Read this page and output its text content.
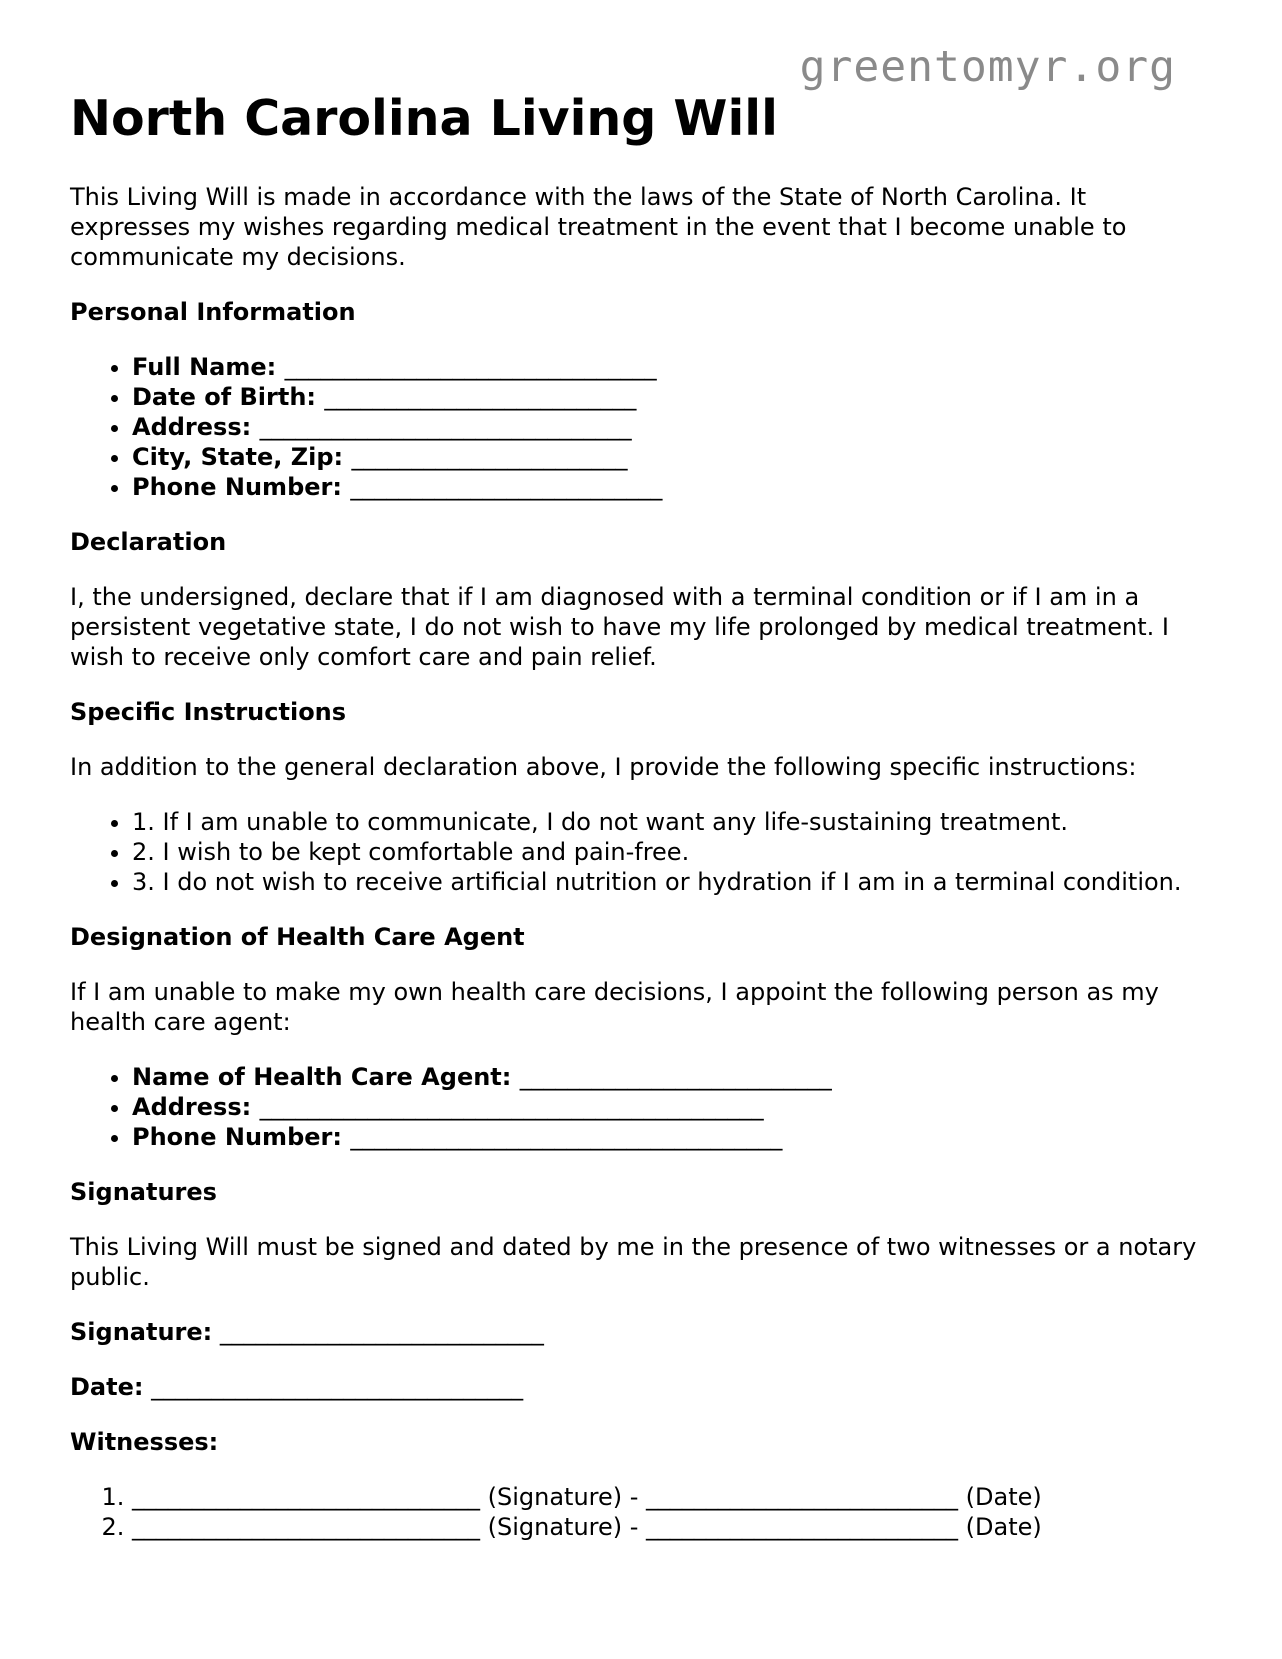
greentomyr.org
North Carolina Living Will

This Living Will is made in accordance with the laws of the State of North Carolina. It expresses my wishes regarding medical treatment in the event that I become unable to communicate my decisions.

Personal Information
• Full Name: _______________________________
• Date of Birth: __________________________
• Address: _______________________________
• City, State, Zip: _______________________
• Phone Number: __________________________
Declaration

I, the undersigned, declare that if I am diagnosed with a terminal condition or if I am in a persistent vegetative state, I do not wish to have my life prolonged by medical treatment. I wish to receive only comfort care and pain relief.

Specific Instructions

In addition to the general declaration above, I provide the following specific instructions:

• 1. If I am unable to communicate, I do not want any life-sustaining treatment.
• 2. I wish to be kept comfortable and pain-free.
• 3. I do not wish to receive artificial nutrition or hydration if I am in a terminal condition.
Designation of Health Care Agent

If I am unable to make my own health care decisions, I appoint the following person as my health care agent:

• Name of Health Care Agent: __________________________
• Address: __________________________________________
• Phone Number: ____________________________________
Signatures

This Living Will must be signed and dated by me in the presence of two witnesses or a notary public.

Signature: ___________________________
Date: _______________________________
Witnesses:
1. _____________________________ (Signature) - __________________________ (Date)
2. _____________________________ (Signature) - __________________________ (Date)
